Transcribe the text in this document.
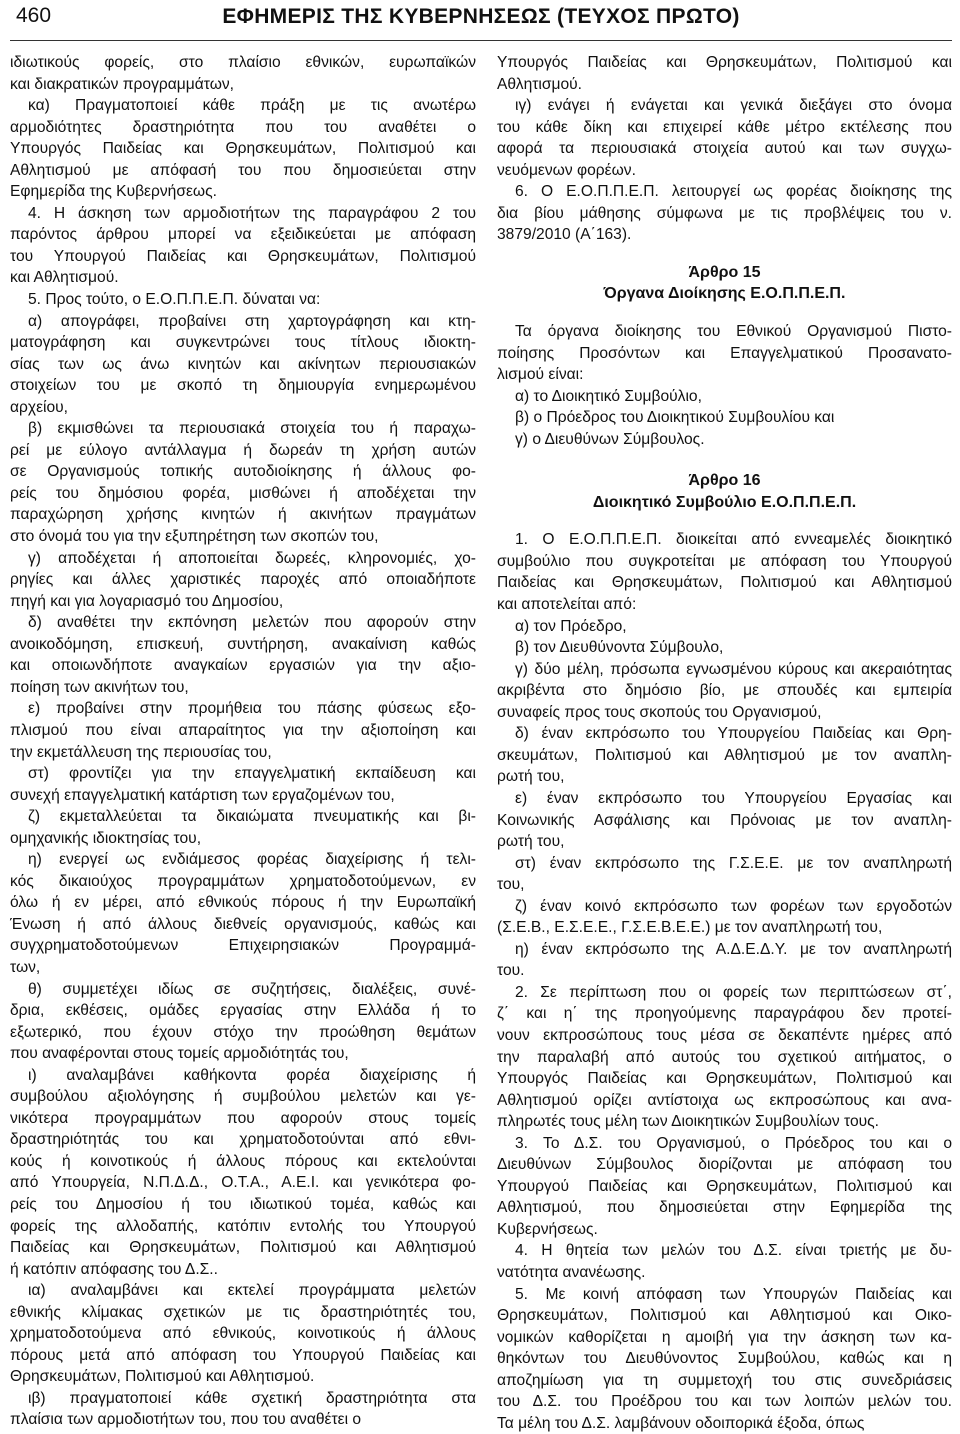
460	ΕΦΗΜΕΡΙΣ ΤΗΣ ΚΥΒΕΡΝΗΣΕΩΣ (ΤΕΥΧΟΣ ΠΡΩΤΟ)
ιδιωτικούς φορείς, στο πλαίσιο εθνικών, ευρωπαϊκών
και διακρατικών προγραμμάτων,
κα) Πραγματοποιεί κάθε πράξη με τις ανωτέρω
αρμοδιότητες δραστηριότητα που του αναθέτει ο
Υπουργός Παιδείας και Θρησκευμάτων, Πολιτισμού και
Αθλητισμού με απόφασή του που δημοσιεύεται στην
Εφημερίδα της Κυβερνήσεως.
4. Η άσκηση των αρμοδιοτήτων της παραγράφου 2 του
παρόντος άρθρου μπορεί να εξειδικεύεται με απόφαση
του Υπουργού Παιδείας και Θρησκευμάτων, Πολιτισμού
και Αθλητισμού.
5. Προς τούτο, ο Ε.Ο.Π.Π.Ε.Π. δύναται να:
α) απογράφει, προβαίνει στη χαρτογράφηση και κτη-
ματογράφηση και συγκεντρώνει τους τίτλους ιδιοκτη-
σίας των ως άνω κινητών και ακίνητων περιουσιακών
στοιχείων του με σκοπό τη δημιουργία ενημερωμένου
αρχείου,
β) εκμισθώνει τα περιουσιακά στοιχεία του ή παραχω-
ρεί με εύλογο αντάλλαγμα ή δωρεάν τη χρήση αυτών
σε Οργανισμούς τοπικής αυτοδιοίκησης ή άλλους φο-
ρείς του δημόσιου φορέα, μισθώνει ή αποδέχεται την
παραχώρηση χρήσης κινητών ή ακινήτων πραγμάτων
στο όνομά του για την εξυπηρέτηση των σκοπών του,
γ) αποδέχεται ή αποποιείται δωρεές, κληρονομιές, χο-
ρηγίες και άλλες χαριστικές παροχές από οποιαδήποτε
πηγή και για λογαριασμό του Δημοσίου,
δ) αναθέτει την εκπόνηση μελετών που αφορούν στην
ανοικοδόμηση, επισκευή, συντήρηση, ανακαίνιση καθώς
και οποιωνδήποτε αναγκαίων εργασιών για την αξιο-
ποίηση των ακινήτων του,
ε) προβαίνει στην προμήθεια του πάσης φύσεως εξο-
πλισμού που είναι απαραίτητος για την αξιοποίηση και
την εκμετάλλευση της περιουσίας του,
στ) φροντίζει για την επαγγελματική εκπαίδευση και
συνεχή επαγγελματική κατάρτιση των εργαζομένων του,
ζ) εκμεταλλεύεται τα δικαιώματα πνευματικής και βι-
ομηχανικής ιδιοκτησίας του,
η) ενεργεί ως ενδιάμεσος φορέας διαχείρισης ή τελι-
κός δικαιούχος προγραμμάτων χρηματοδοτούμενων, εν
όλω ή εν μέρει, από εθνικούς πόρους ή την Ευρωπαϊκή
Ένωση ή από άλλους διεθνείς οργανισμούς, καθώς και
συγχρηματοδοτούμενων Επιχειρησιακών Προγραμμά-
των,
θ) συμμετέχει ιδίως σε συζητήσεις, διαλέξεις, συνέ-
δρια, εκθέσεις, ομάδες εργασίας στην Ελλάδα ή το
εξωτερικό, που έχουν στόχο την προώθηση θεμάτων
που αναφέρονται στους τομείς αρμοδιότητάς του,
ι) αναλαμβάνει καθήκοντα φορέα διαχείρισης ή
συμβούλου αξιολόγησης ή συμβούλου μελετών και γε-
νικότερα προγραμμάτων που αφορούν στους τομείς
δραστηριότητάς του και χρηματοδοτούνται από εθνι-
κούς ή κοινοτικούς ή άλλους πόρους και εκτελούνται
από Υπουργεία, Ν.Π.Δ.Δ., Ο.Τ.Α., Α.Ε.Ι. και γενικότερα φο-
ρείς του Δημοσίου ή του ιδιωτικού τομέα, καθώς και
φορείς της αλλοδαπής, κατόπιν εντολής του Υπουργού
Παιδείας και Θρησκευμάτων, Πολιτισμού και Αθλητισμού
ή κατόπιν απόφασης του Δ.Σ..
ια) αναλαμβάνει και εκτελεί προγράμματα μελετών
εθνικής κλίμακας σχετικών με τις δραστηριότητές του,
χρηματοδοτούμενα από εθνικούς, κοινοτικούς ή άλλους
πόρους μετά από απόφαση του Υπουργού Παιδείας και
Θρησκευμάτων, Πολιτισμού και Αθλητισμού.
ιβ) πραγματοποιεί κάθε σχετική δραστηριότητα στα
πλαίσια των αρμοδιοτήτων του, που του αναθέτει ο
Υπουργός Παιδείας και Θρησκευμάτων, Πολιτισμού και
Αθλητισμού.
ιγ) ενάγει ή ενάγεται και γενικά διεξάγει στο όνομα
του κάθε δίκη και επιχειρεί κάθε μέτρο εκτέλεσης που
αφορά τα περιουσιακά στοιχεία αυτού και των συγχω-
νευόμενων φορέων.
6. Ο Ε.Ο.Π.Π.Ε.Π. λειτουργεί ως φορέας διοίκησης της
δια βίου μάθησης σύμφωνα με τις προβλέψεις του ν.
3879/2010 (Α΄163).
Άρθρο 15
Όργανα Διοίκησης Ε.Ο.Π.Π.Ε.Π.
Τα όργανα διοίκησης του Εθνικού Οργανισμού Πιστο-
ποίησης Προσόντων και Επαγγελματικού Προσανατο-
λισμού είναι:
α) το Διοικητικό Συμβούλιο,
β) ο Πρόεδρος του Διοικητικού Συμβουλίου και
γ) ο Διευθύνων Σύμβουλος.
Άρθρο 16
Διοικητικό Συμβούλιο Ε.Ο.Π.Π.Ε.Π.
1. Ο Ε.Ο.Π.Π.Ε.Π. διοικείται από εννεαμελές διοικητικό
συμβούλιο που συγκροτείται με απόφαση του Υπουργού
Παιδείας και Θρησκευμάτων, Πολιτισμού και Αθλητισμού
και αποτελείται από:
α) τον Πρόεδρο,
β) τον Διευθύνοντα Σύμβουλο,
γ) δύο μέλη, πρόσωπα εγνωσμένου κύρους και ακεραιότητας
ακριβέντα στο δημόσιο βίο, με σπουδές και εμπειρία
συναφείς προς τους σκοπούς του Οργανισμού,
δ) έναν εκπρόσωπο του Υπουργείου Παιδείας και Θρη-
σκευμάτων, Πολιτισμού και Αθλητισμού με τον αναπλη-
ρωτή του,
ε) έναν εκπρόσωπο του Υπουργείου Εργασίας και
Κοινωνικής Ασφάλισης και Πρόνοιας με τον αναπλη-
ρωτή του,
στ) έναν εκπρόσωπο της Γ.Σ.Ε.Ε. με τον αναπληρωτή
του,
ζ) έναν κοινό εκπρόσωπο των φορέων των εργοδοτών
(Σ.Ε.Β., Ε.Σ.Ε.Ε., Γ.Σ.Ε.Β.Ε.Ε.) με τον αναπληρωτή του,
η) έναν εκπρόσωπο της Α.Δ.Ε.Δ.Υ. με τον αναπληρωτή
του.
2. Σε περίπτωση που οι φορείς των περιπτώσεων στ΄,
ζ΄ και η΄ της προηγούμενης παραγράφου δεν προτεί-
νουν εκπροσώπους τους μέσα σε δεκαπέντε ημέρες από
την παραλαβή από αυτούς του σχετικού αιτήματος, ο
Υπουργός Παιδείας και Θρησκευμάτων, Πολιτισμού και
Αθλητισμού ορίζει αντίστοιχα ως εκπροσώπους και ανα-
πληρωτές τους μέλη των Διοικητικών Συμβουλίων τους.
3. Το Δ.Σ. του Οργανισμού, ο Πρόεδρος του και ο
Διευθύνων Σύμβουλος διορίζονται με απόφαση του
Υπουργού Παιδείας και Θρησκευμάτων, Πολιτισμού και
Αθλητισμού, που δημοσιεύεται στην Εφημερίδα της
Κυβερνήσεως.
4. Η θητεία των μελών του Δ.Σ. είναι τριετής με δυ-
νατότητα ανανέωσης.
5. Με κοινή απόφαση των Υπουργών Παιδείας και
Θρησκευμάτων, Πολιτισμού και Αθλητισμού και Οικο-
νομικών καθορίζεται η αμοιβή για την άσκηση των κα-
θηκόντων του Διευθύνοντος Συμβούλου, καθώς και η
αποζημίωση για τη συμμετοχή του στις συνεδριάσεις
του Δ.Σ. του Προέδρου του και των λοιπών μελών του.
Τα μέλη του Δ.Σ. λαμβάνουν οδοιπορικά έξοδα, όπως
